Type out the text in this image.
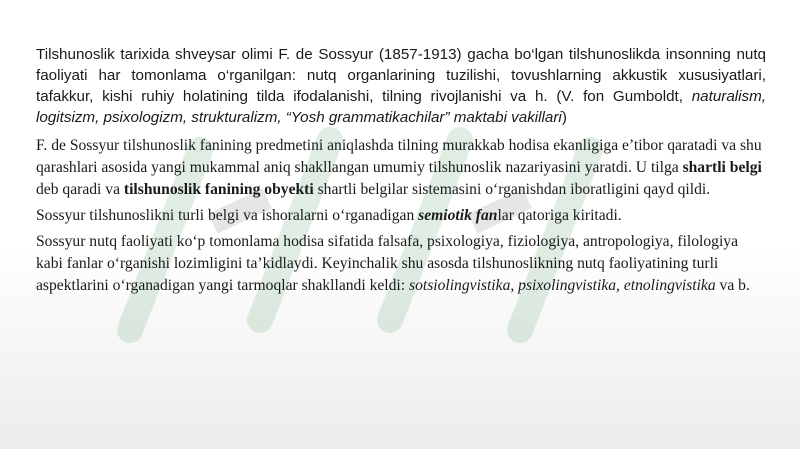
Tilshunoslik tarixida shveysar olimi F. de Sossyur (1857-1913) gacha bo‘lgan tilshunoslikda insonning nutq faoliyati har tomonlama o‘rganilgan: nutq organlarining tuzilishi, tovushlarning akkustik xususiyatlari, tafakkur, kishi ruhiy holatining tilda ifodalanishi, tilning rivojlanishi va h. (V. fon Gumboldt, naturalism, logitsizm, psixologizm, strukturalizm, “Yosh grammatikachilar” maktabi vakillari)

F. de Sossyur tilshunoslik fanining predmetini aniqlashda tilning murakkab hodisa ekanligiga e’tibor qaratadi va shu qarashlari asosida yangi mukammal aniq shakllangan umumiy tilshunoslik nazariyasini yaratdi. U tilga shartli belgi deb qaradi va tilshunoslik fanining obyekti shartli belgilar sistemasini o‘rganishdan iboratligini qayd qildi.

Sossyur tilshunoslikni turli belgi va ishoralarni o‘rganadigan semiotik fanlar qatoriga kiritadi.

Sossyur nutq faoliyati ko‘p tomonlama hodisa sifatida falsafa, psixologiya, fiziologiya, antropologiya, filologiya kabi fanlar o‘rganishi lozimligini ta’kidlaydi. Keyinchalik shu asosda tilshunoslikning nutq faoliyatining turli aspektlarini o‘rganadigan yangi tarmoqlar shakllandi keldi: sotsiolingvistika, psixolingvistika, etnolingvistika va b.
